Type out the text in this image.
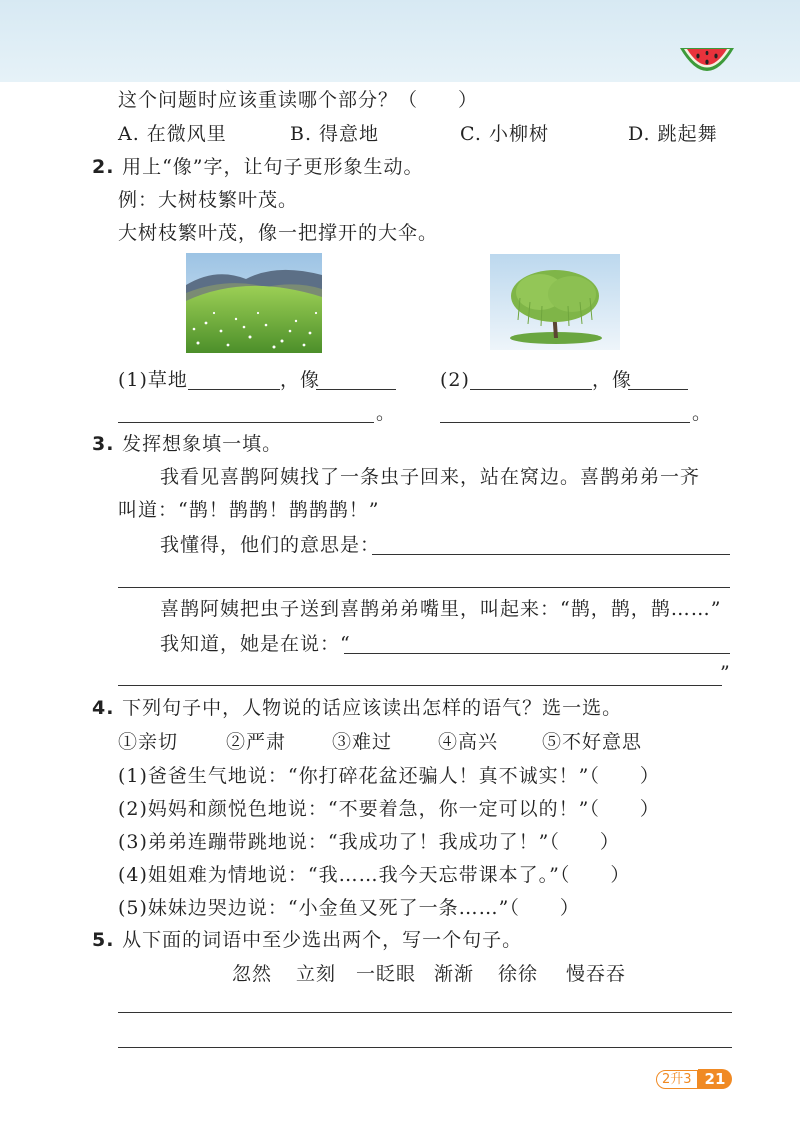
这个问题时应该重读哪个部分？（　　）
A. 在微风里	B. 得意地	C. 小柳树	D. 跳起舞
2. 用上“像”字，让句子更形象生动。
例：大树枝繁叶茂。
大树枝繁叶茂，像一把撑开的大伞。
(1)草地	，像
。
(2)	，像
。
3. 发挥想象填一填。
我看见喜鹊阿姨找了一条虫子回来，站在窝边。喜鹊弟弟一齐
叫道：“鹊！鹊鹊！鹊鹊鹊！”
我懂得，他们的意思是：
喜鹊阿姨把虫子送到喜鹊弟弟嘴里，叫起来：“鹊，鹊，鹊……”
我知道，她是在说：“
”
4. 下列句子中，人物说的话应该读出怎样的语气？选一选。
①亲切	②严肃 ③难过 ④高兴 ⑤不好意思
(1)爸爸生气地说：“你打碎花盆还骗人！真不诚实！”（　　）
(2)妈妈和颜悦色地说：“不要着急，你一定可以的！”（　　）
(3)弟弟连蹦带跳地说：“我成功了！我成功了！”（　　）
(4)姐姐难为情地说：“我……我今天忘带课本了。”（　　）
(5)妹妹边哭边说：“小金鱼又死了一条……”（　　）
5. 从下面的词语中至少选出两个，写一个句子。
忽然 立刻 一眨眼 渐渐 徐徐 慢吞吞
2升3 21
